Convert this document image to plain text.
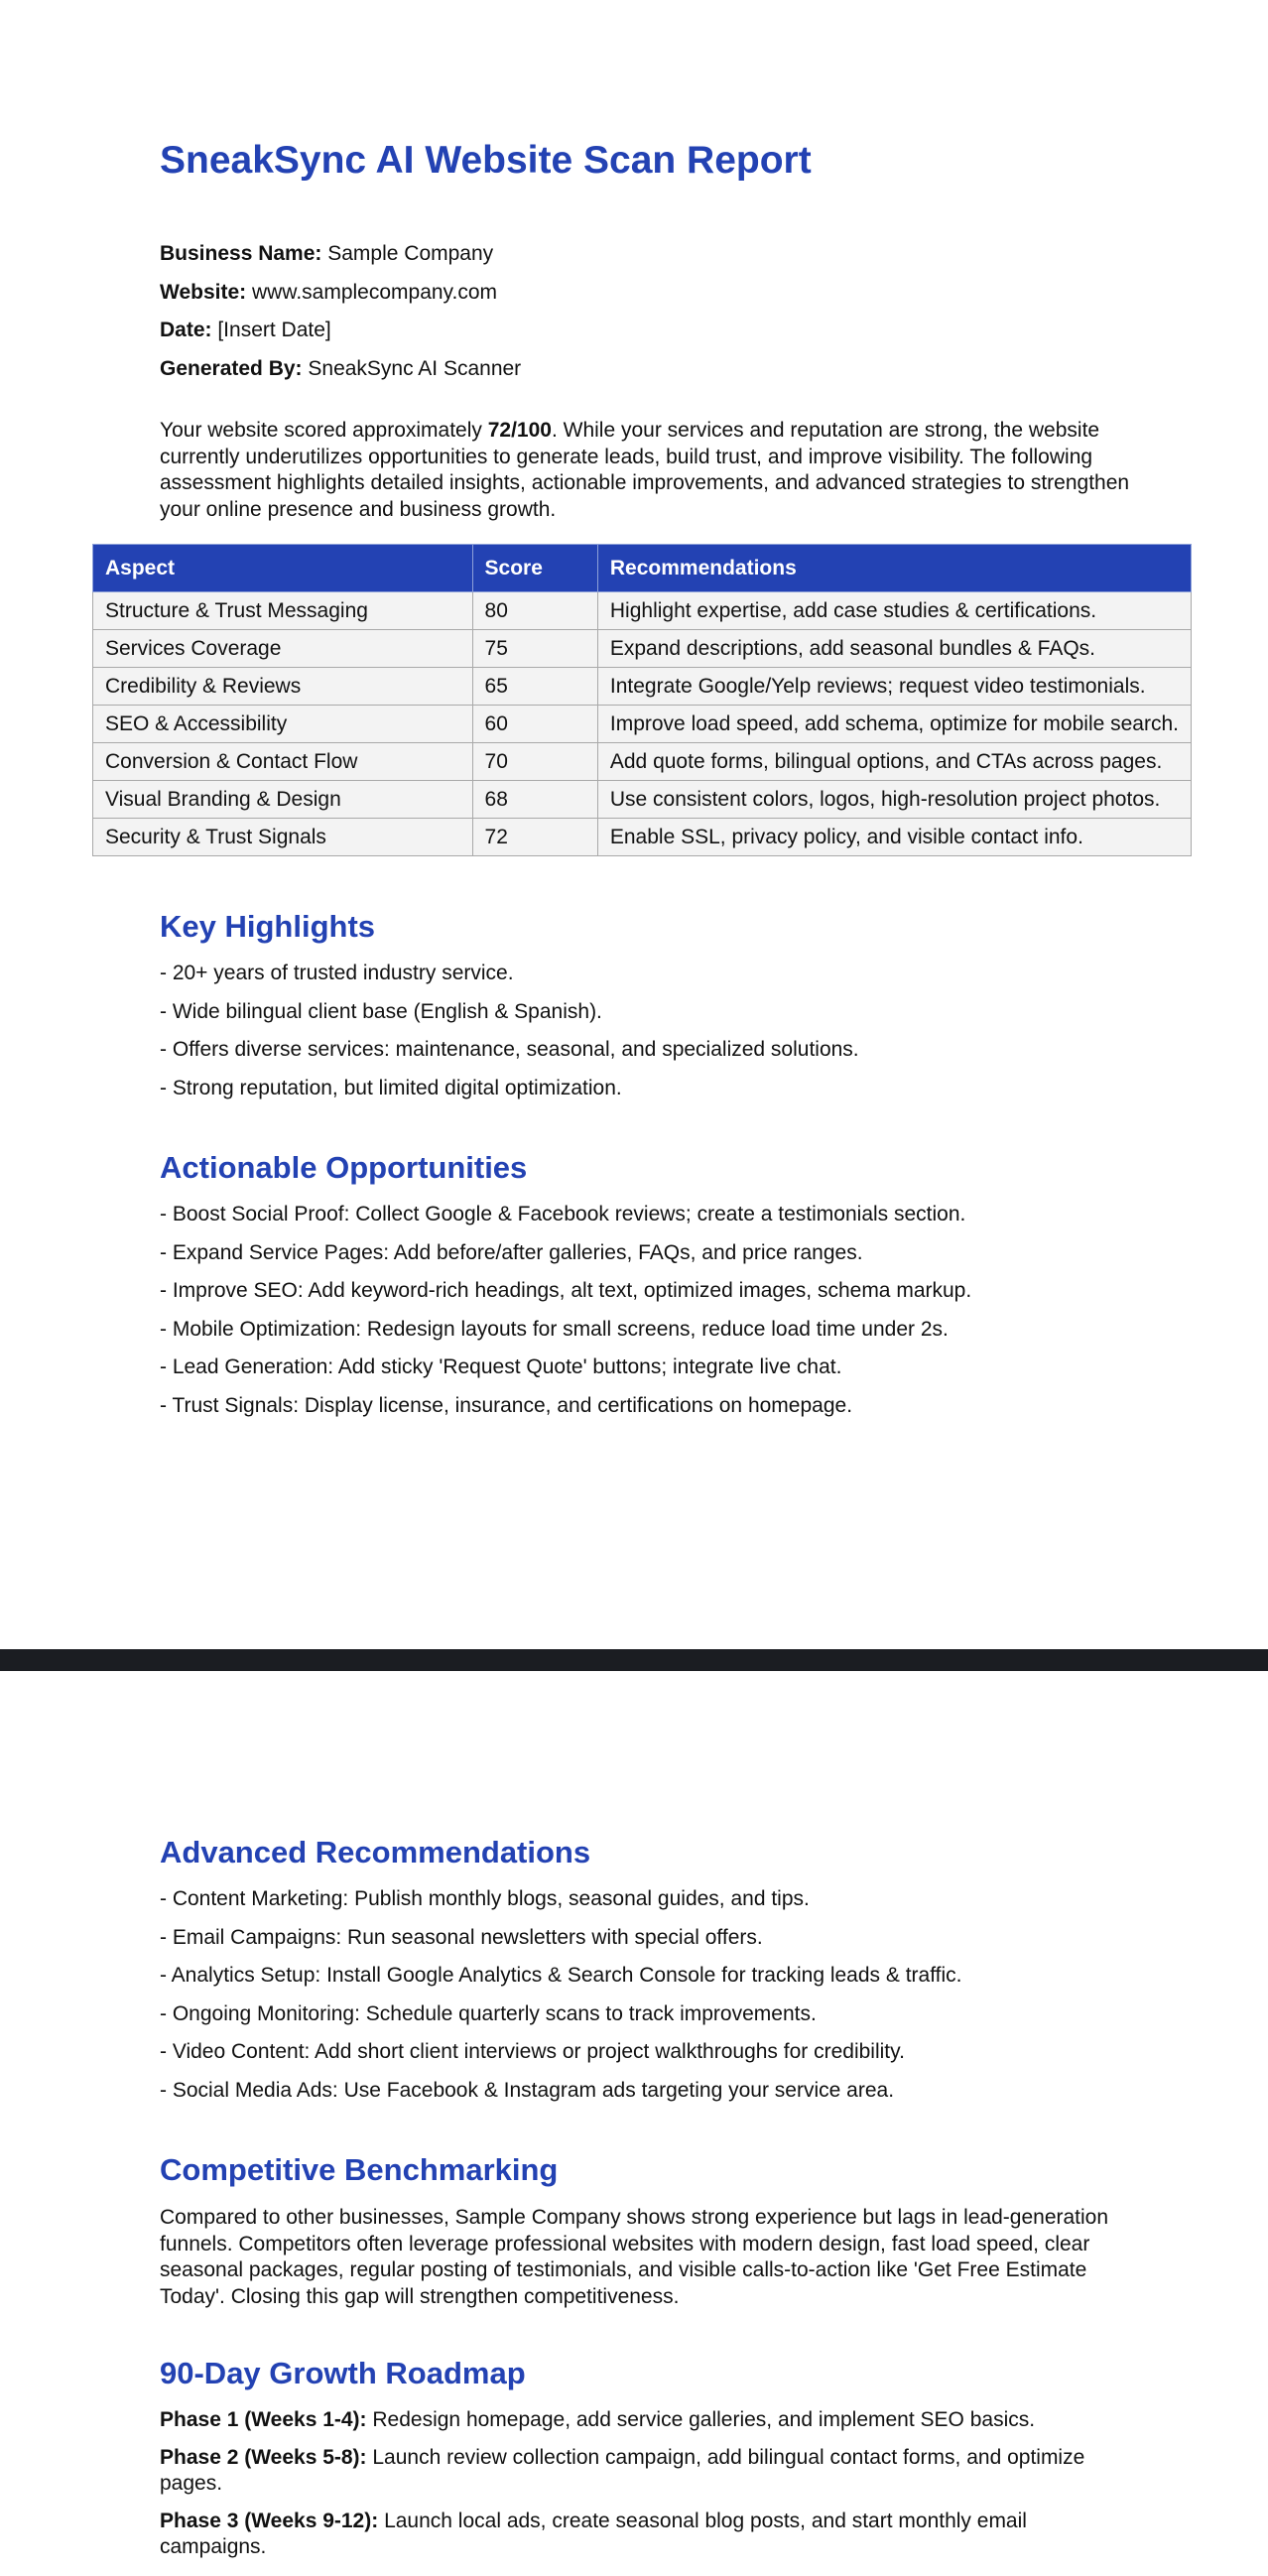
SneakSync AI Website Scan Report
Business Name: Sample Company
Website: www.samplecompany.com
Date: [Insert Date]
Generated By: SneakSync AI Scanner

Your website scored approximately 72/100. While your services and reputation are strong, the website currently underutilizes opportunities to generate leads, build trust, and improve visibility. The following assessment highlights detailed insights, actionable improvements, and advanced strategies to strengthen your online presence and business growth.

Aspect	Score	Recommendations
Structure & Trust Messaging	80	Highlight expertise, add case studies & certifications.
Services Coverage	75	Expand descriptions, add seasonal bundles & FAQs.
Credibility & Reviews	65	Integrate Google/Yelp reviews; request video testimonials.
SEO & Accessibility	60	Improve load speed, add schema, optimize for mobile search.
Conversion & Contact Flow	70	Add quote forms, bilingual options, and CTAs across pages.
Visual Branding & Design	68	Use consistent colors, logos, high-resolution project photos.
Security & Trust Signals	72	Enable SSL, privacy policy, and visible contact info.
Key Highlights
- 20+ years of trusted industry service.
- Wide bilingual client base (English & Spanish).
- Offers diverse services: maintenance, seasonal, and specialized solutions.
- Strong reputation, but limited digital optimization.
Actionable Opportunities
- Boost Social Proof: Collect Google & Facebook reviews; create a testimonials section.
- Expand Service Pages: Add before/after galleries, FAQs, and price ranges.
- Improve SEO: Add keyword-rich headings, alt text, optimized images, schema markup.
- Mobile Optimization: Redesign layouts for small screens, reduce load time under 2s.
- Lead Generation: Add sticky 'Request Quote' buttons; integrate live chat.
- Trust Signals: Display license, insurance, and certifications on homepage.
Advanced Recommendations
- Content Marketing: Publish monthly blogs, seasonal guides, and tips.
- Email Campaigns: Run seasonal newsletters with special offers.
- Analytics Setup: Install Google Analytics & Search Console for tracking leads & traffic.
- Ongoing Monitoring: Schedule quarterly scans to track improvements.
- Video Content: Add short client interviews or project walkthroughs for credibility.
- Social Media Ads: Use Facebook & Instagram ads targeting your service area.
Competitive Benchmarking

Compared to other businesses, Sample Company shows strong experience but lags in lead-generation funnels. Competitors often leverage professional websites with modern design, fast load speed, clear seasonal packages, regular posting of testimonials, and visible calls-to-action like 'Get Free Estimate Today'. Closing this gap will strengthen competitiveness.

90-Day Growth Roadmap
Phase 1 (Weeks 1-4): Redesign homepage, add service galleries, and implement SEO basics.
Phase 2 (Weeks 5-8): Launch review collection campaign, add bilingual contact forms, and optimize pages.
Phase 3 (Weeks 9-12): Launch local ads, create seasonal blog posts, and start monthly email campaigns.
